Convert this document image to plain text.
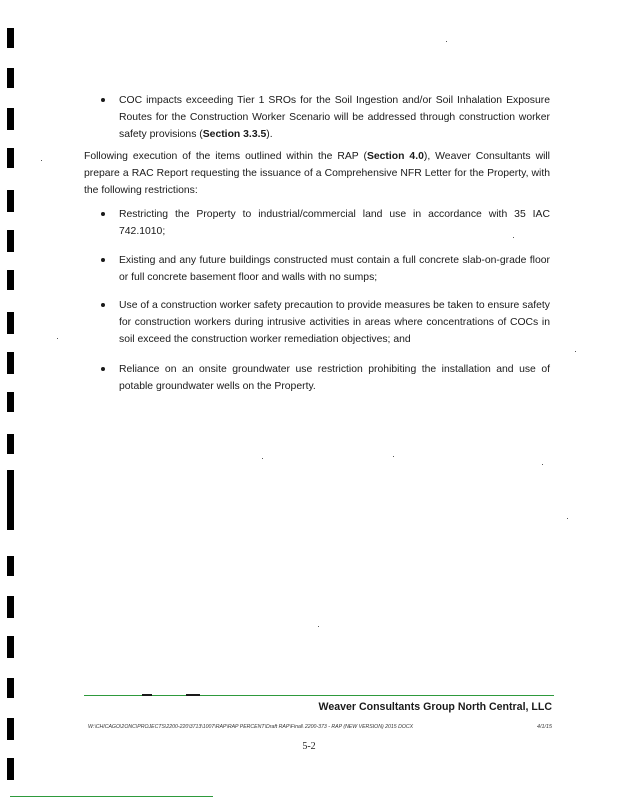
COC impacts exceeding Tier 1 SROs for the Soil Ingestion and/or Soil Inhalation Exposure Routes for the Construction Worker Scenario will be addressed through construction worker safety provisions (Section 3.3.5).
Following execution of the items outlined within the RAP (Section 4.0), Weaver Consultants will prepare a RAC Report requesting the issuance of a Comprehensive NFR Letter for the Property, with the following restrictions:
Restricting the Property to industrial/commercial land use in accordance with 35 IAC 742.1010;
Existing and any future buildings constructed must contain a full concrete slab-on-grade floor or full concrete basement floor and walls with no sumps;
Use of a construction worker safety precaution to provide measures be taken to ensure safety for construction workers during intrusive activities in areas where concentrations of COCs in soil exceed the construction worker remediation objectives; and
Reliance on an onsite groundwater use restriction prohibiting the installation and use of potable groundwater wells on the Property.
Weaver Consultants Group North Central, LLC
W:\CHICAGO\2ONC\PROJECTS\2200-220\3713\1007\RAP\RAP PERCENT\Draft RAP\Final\ 2200-373 - RAP (NEW VERSION) 2015 DOCX	4/1/15
5-2
